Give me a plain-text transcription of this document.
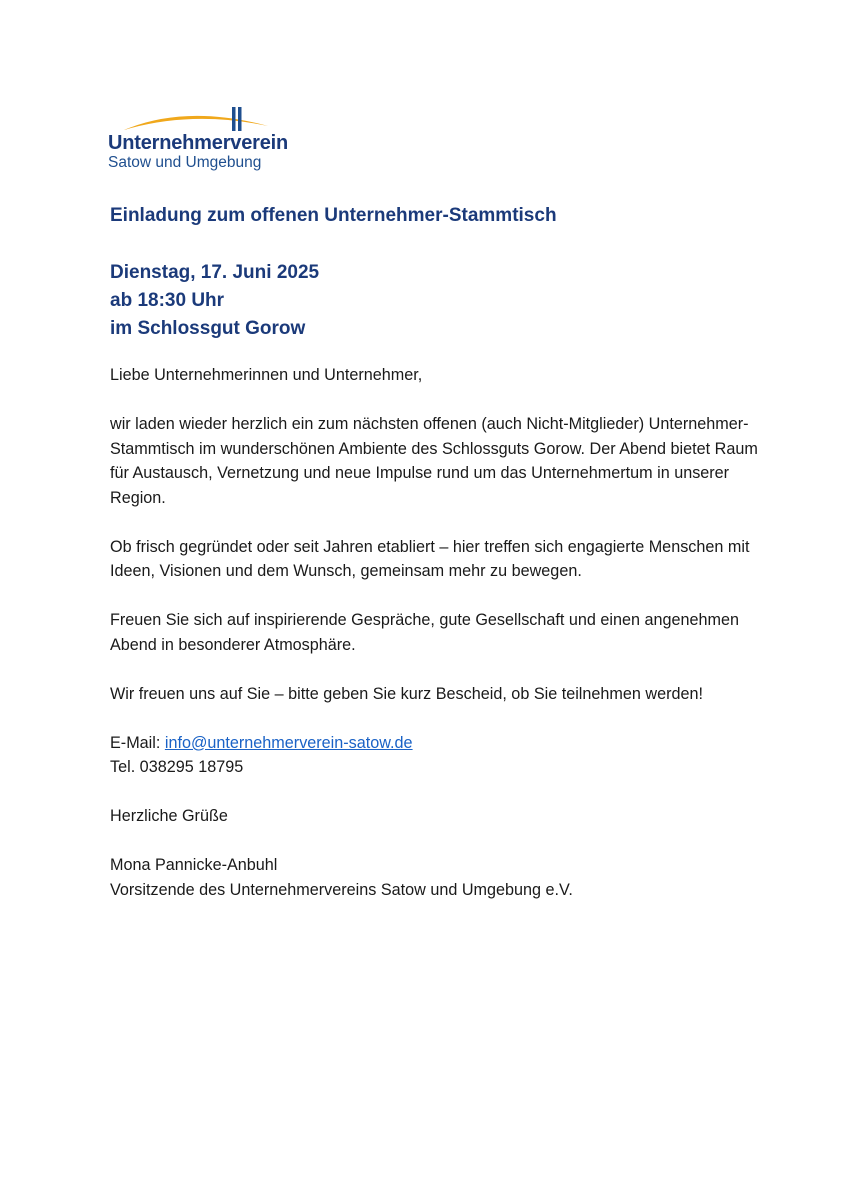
Unternehmerverein
Satow und Umgebung
Einladung zum offenen Unternehmer-Stammtisch
Dienstag, 17. Juni 2025
ab 18:30 Uhr
im Schlossgut Gorow

Liebe Unternehmerinnen und Unternehmer,

wir laden wieder herzlich ein zum nächsten offenen (auch Nicht-Mitglieder) Unternehmer-Stammtisch im wunderschönen Ambiente des Schlossguts Gorow. Der Abend bietet Raum für Austausch, Vernetzung und neue Impulse rund um das Unternehmertum in unserer Region.

Ob frisch gegründet oder seit Jahren etabliert – hier treffen sich engagierte Menschen mit Ideen, Visionen und dem Wunsch, gemeinsam mehr zu bewegen.

Freuen Sie sich auf inspirierende Gespräche, gute Gesellschaft und einen angenehmen Abend in besonderer Atmosphäre.

Wir freuen uns auf Sie – bitte geben Sie kurz Bescheid, ob Sie teilnehmen werden!

E-Mail: info@unternehmerverein-satow.de

Tel. 038295 18795

Herzliche Grüße

Mona Pannicke-Anbuhl

Vorsitzende des Unternehmervereins Satow und Umgebung e.V.
